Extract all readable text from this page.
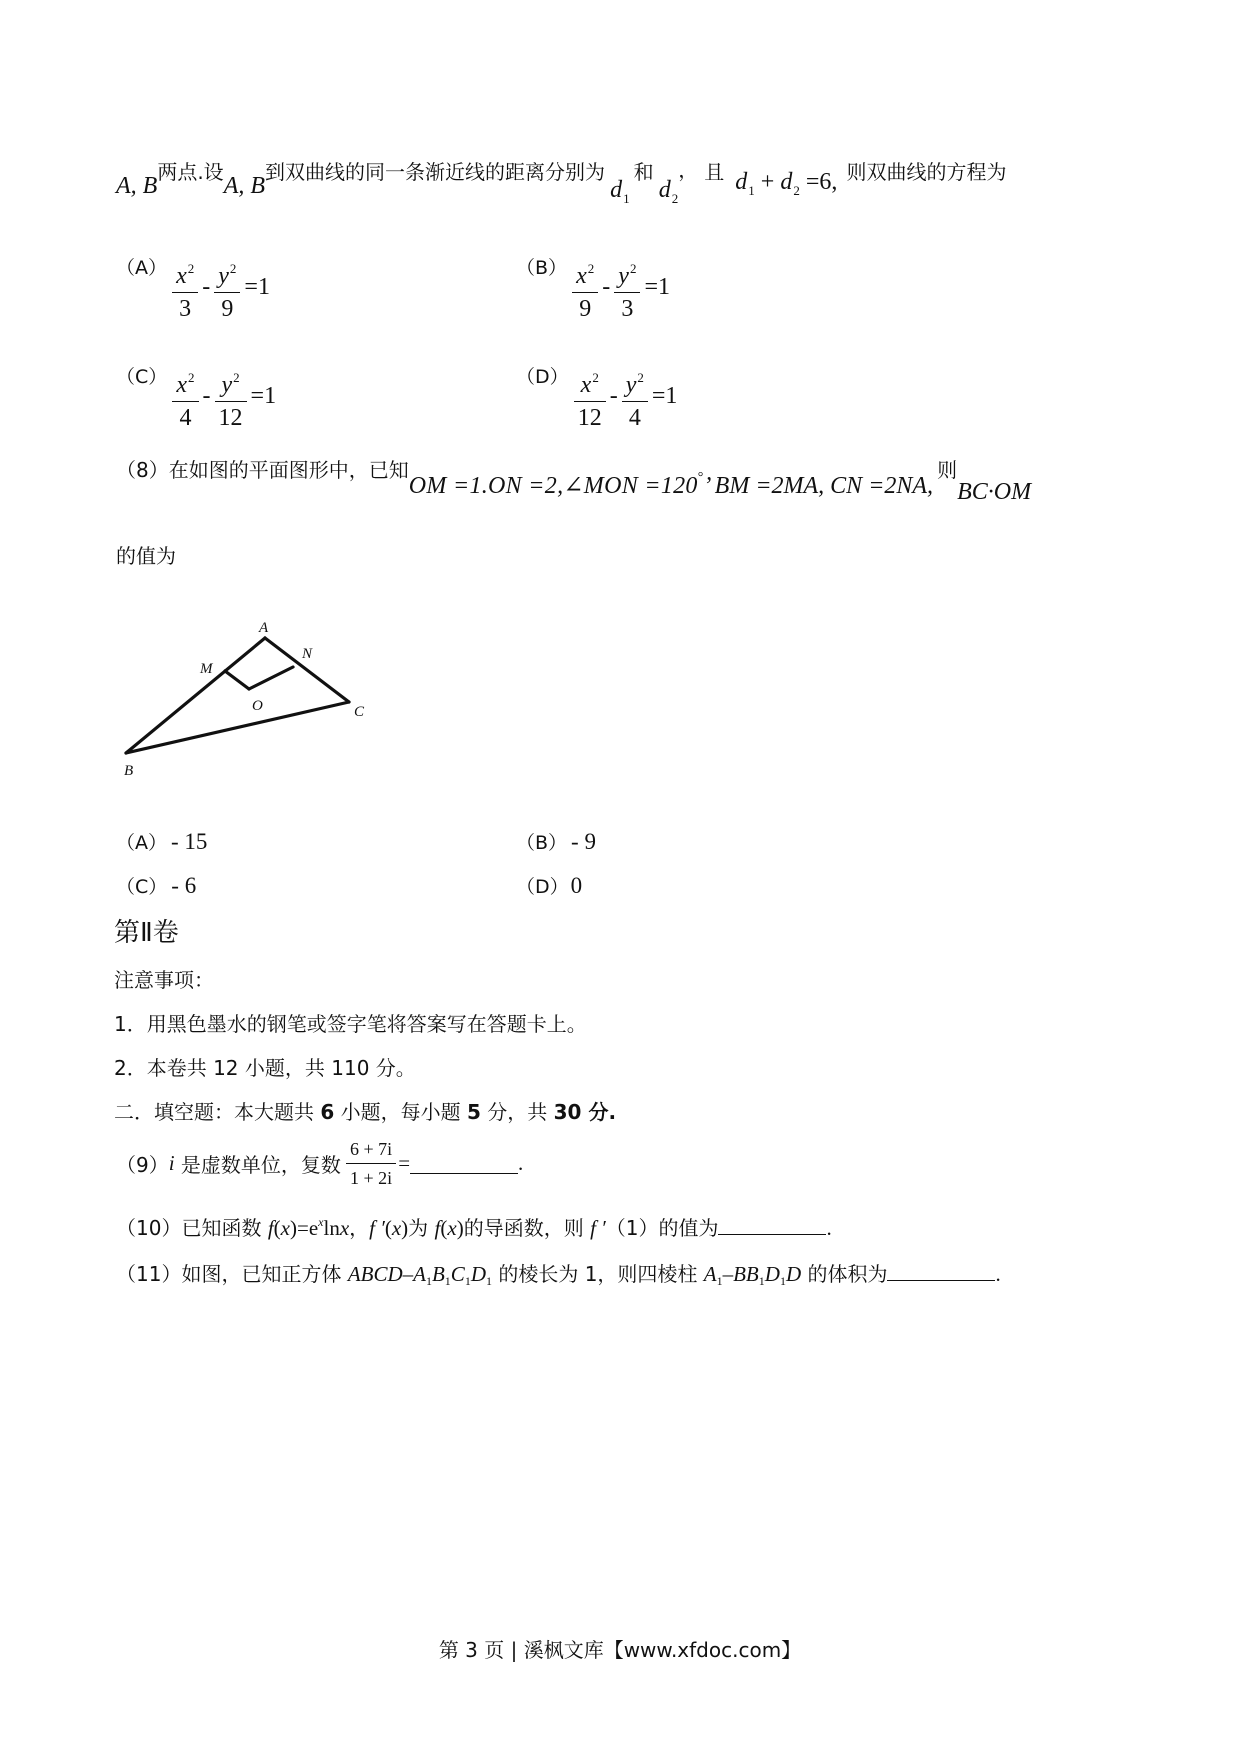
A, B两点.设A, B到双曲线的同一条渐近线的距离分别为 $d_1$和 $d_2$， 且 $d_1 + d_2 =6$, 则双曲线的方程为
$(A) \frac{x^2}{3} - \frac{y^2}{9} =1$
$(B) \frac{x^2}{9} - \frac{y^2}{3} =1$
$(C) \frac{x^2}{4} - \frac{y^2}{12} =1$
$(D) \frac{x^2}{12} - \frac{y^2}{4} =1$
（8）在如图的平面图形中，已知OM =1.ON =2,∠MON =120°’ BM =2MA, CN =2NA,则BC·OM
的值为
A
N
M
O	C
B
（A） - 15	（B） - 9
（C） - 6	（D）0
第Ⅱ卷
注意事项：
1．用黑色墨水的钢笔或签字笔将答案写在答题卡上。
2．本卷共 12 小题，共 110 分。
二．填空题：本大题共 6 小题，每小题 5 分，共 30 分.
（9）i 是虚数单位，复数 $\frac{6 + 7i}{1 + 2i}$ =	.
（10）已知函数 $f(x)=e^x\ln x$，f ′(x)为 f(x)的导函数，则 f ′（1）的值为	.
（11）如图，已知正方体 ABCD–$A_1B_1C_1D_1$ 的棱长为 1，则四棱柱 $A_1-BB_1D_1D$ 的体积为	.
第 3 页 | 溪枫文库【www.xfdoc.com】
